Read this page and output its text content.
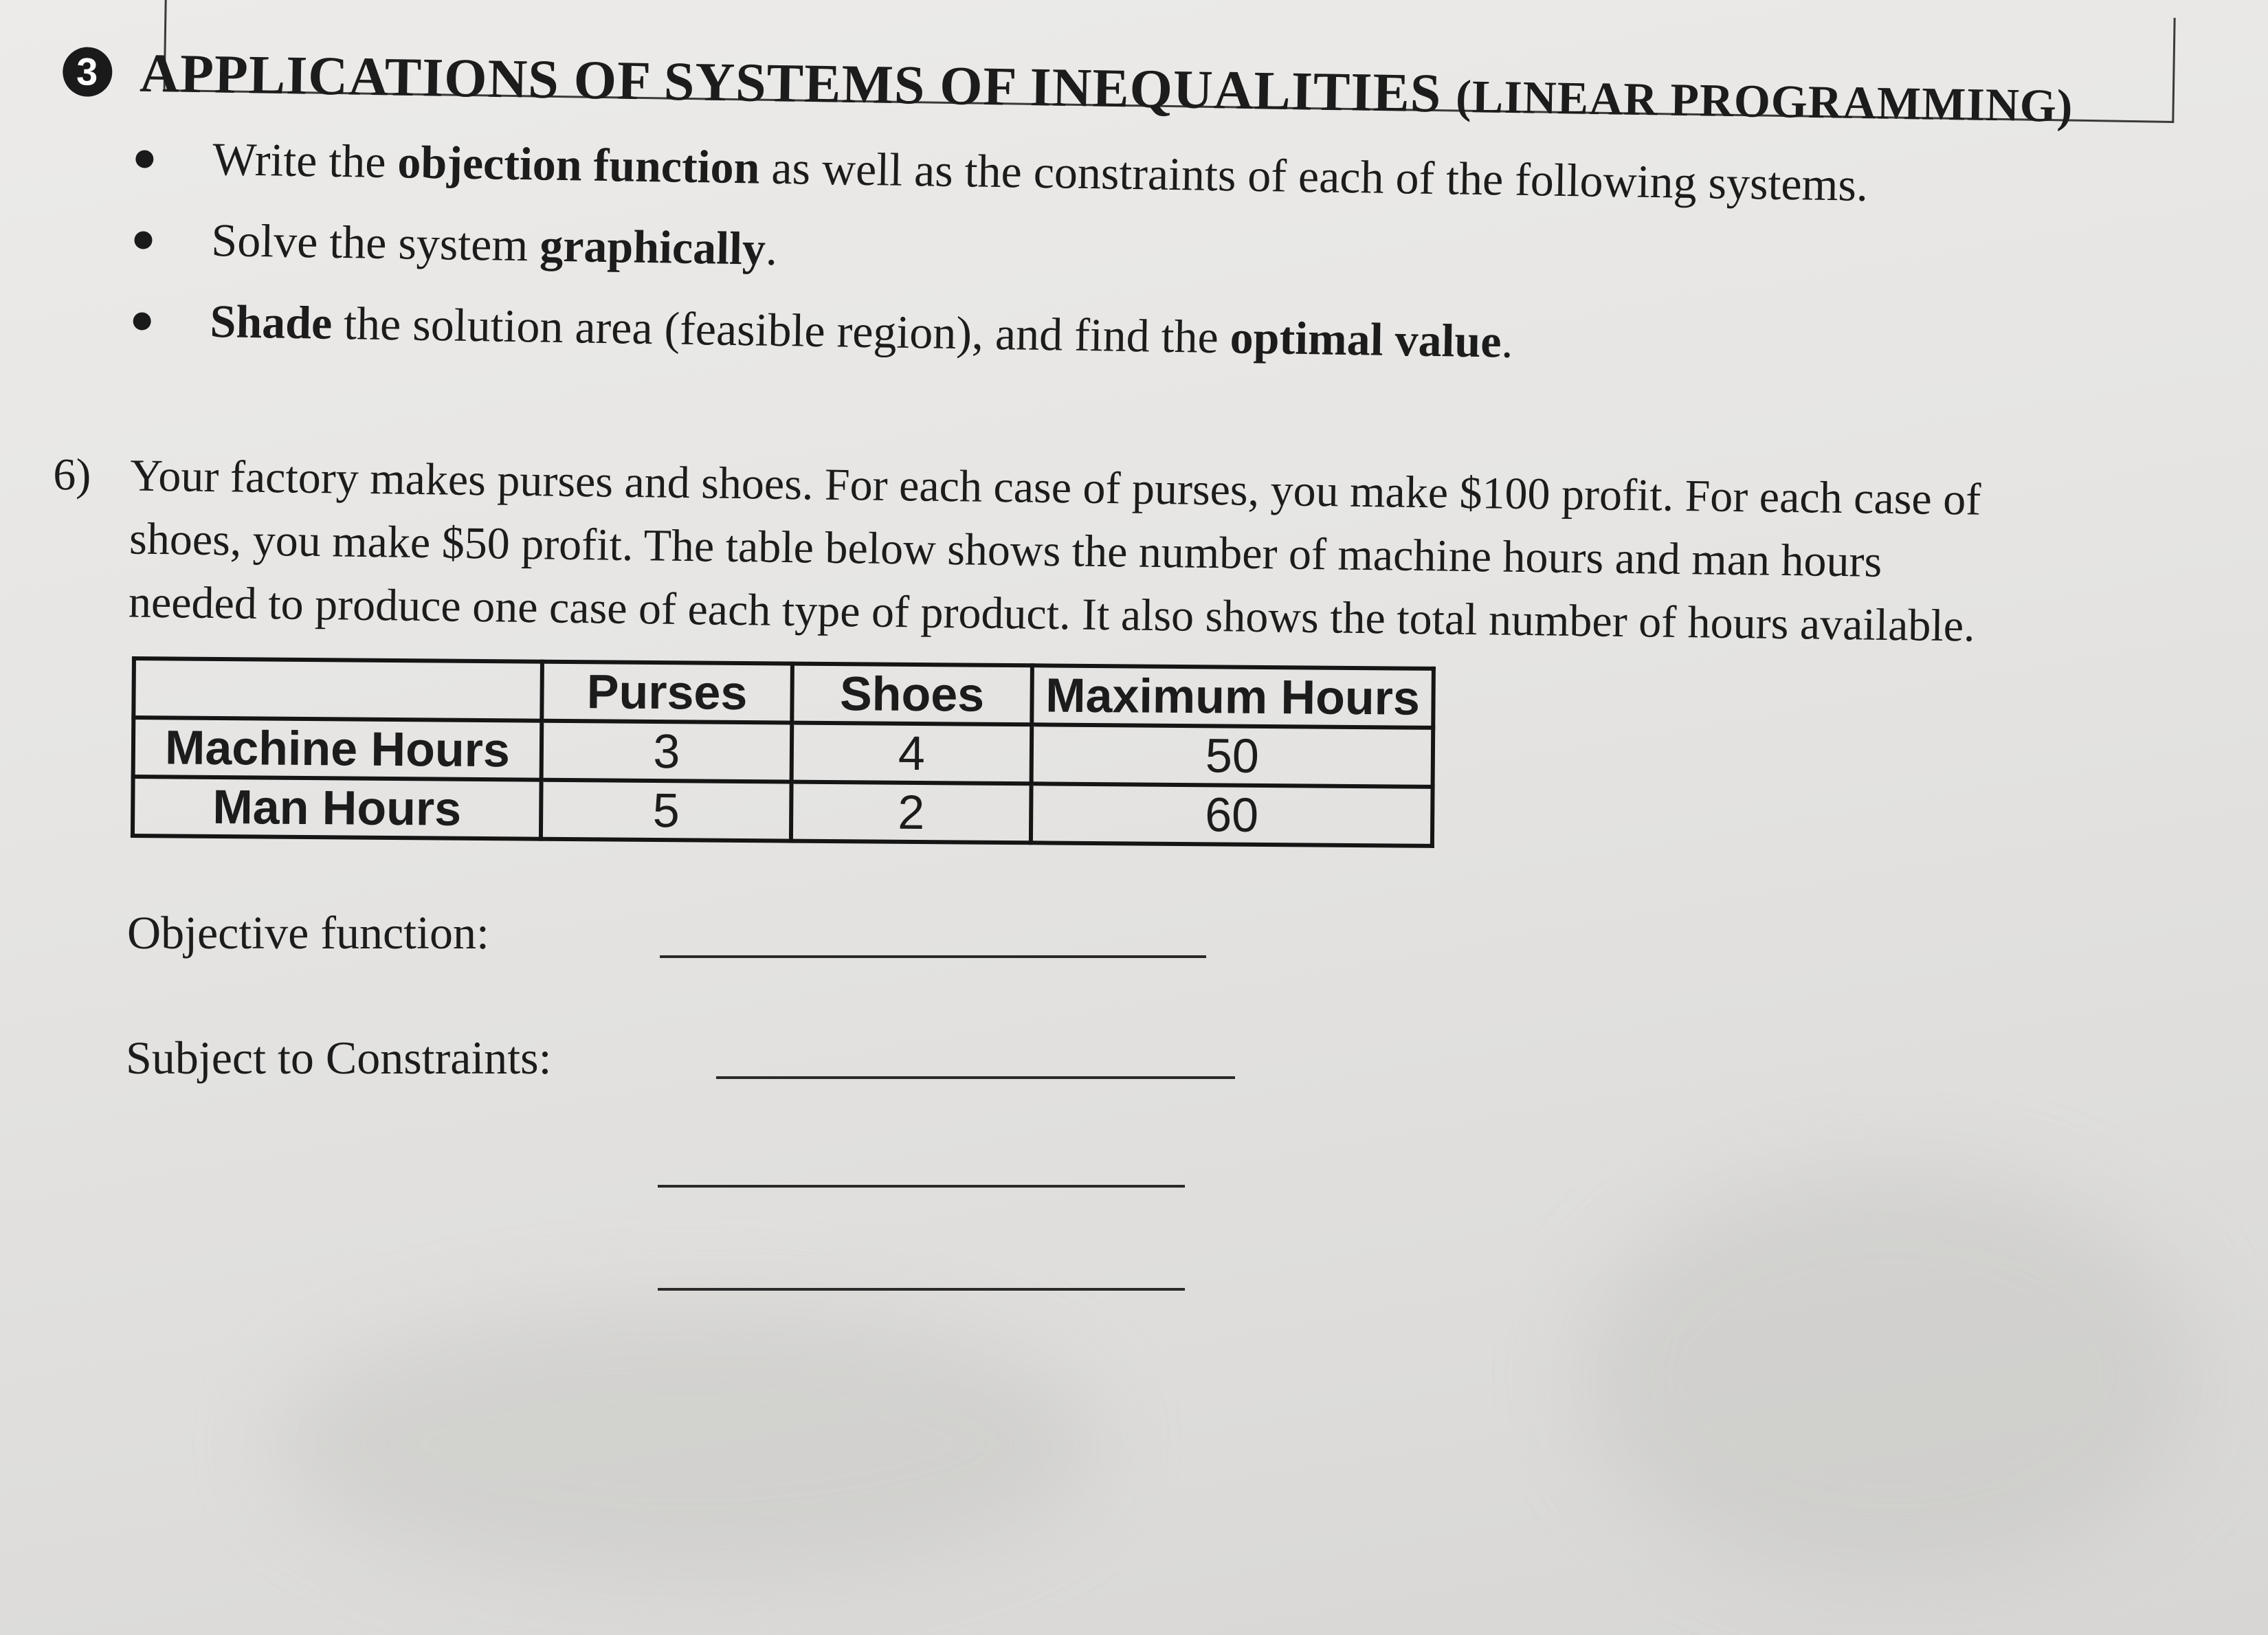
3 APPLICATIONS OF SYSTEMS OF INEQUALITIES (LINEAR PROGRAMMING)
Write the objection function as well as the constraints of each of the following systems.
Solve the system graphically.
Shade the solution area (feasible region), and find the optimal value.
6) Your factory makes purses and shoes. For each case of purses, you make $100 profit. For each case of
shoes, you make $50 profit. The table below shows the number of machine hours and man hours
needed to produce one case of each type of product. It also shows the total number of hours available.
	Purses	Shoes	Maximum Hours
Machine Hours	3	4	50
Man Hours	5	2	60
Objective function:
Subject to Constraints:
